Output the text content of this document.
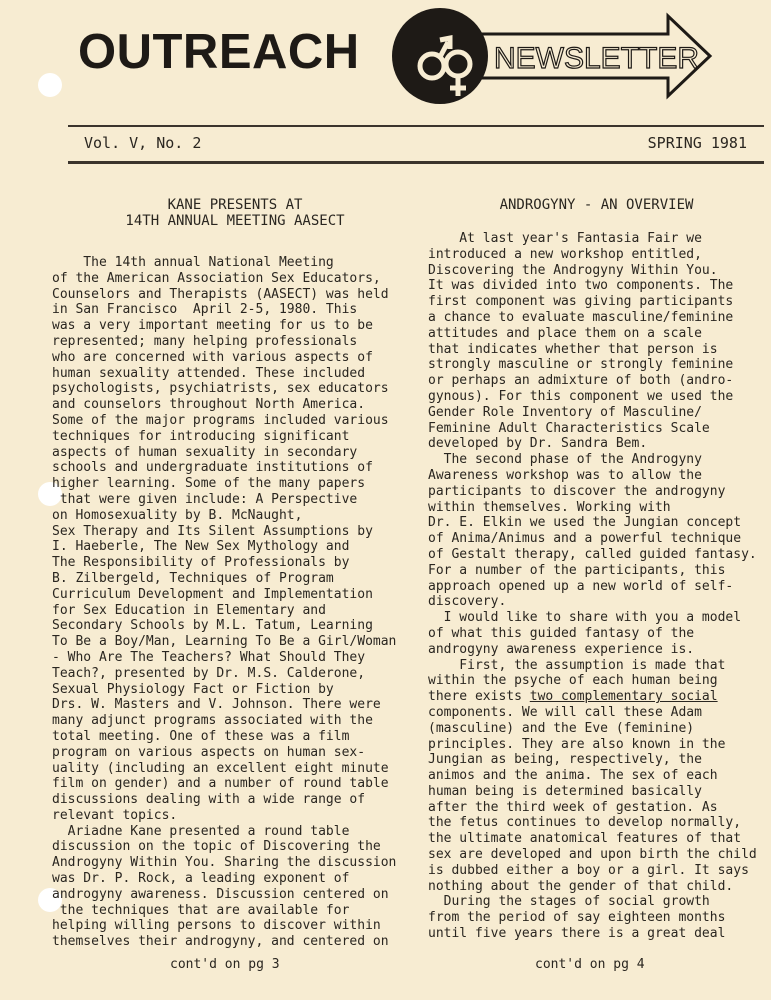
OUTREACH	NEWSLETTER
Vol. V, No. 2	SPRING 1981
KANE PRESENTS AT
14TH ANNUAL MEETING AASECT
The 14th annual National Meeting
of the American Association Sex Educators,
Counselors and Therapists (AASECT) was held
in San Francisco  April 2-5, 1980. This
was a very important meeting for us to be
represented; many helping professionals
who are concerned with various aspects of
human sexuality attended. These included
psychologists, psychiatrists, sex educators
and counselors throughout North America.
Some of the major programs included various
techniques for introducing significant
aspects of human sexuality in secondary
schools and undergraduate institutions of
higher learning. Some of the many papers
that were given include: A Perspective
on Homosexuality by B. McNaught,
Sex Therapy and Its Silent Assumptions by
I. Haeberle, The New Sex Mythology and
The Responsibility of Professionals by
B. Zilbergeld, Techniques of Program
Curriculum Development and Implementation
for Sex Education in Elementary and
Secondary Schools by M.L. Tatum, Learning
To Be a Boy/Man, Learning To Be a Girl/Woman
- Who Are The Teachers? What Should They
Teach?, presented by Dr. M.S. Calderone,
Sexual Physiology Fact or Fiction by
Drs. W. Masters and V. Johnson. There were
many adjunct programs associated with the
total meeting. One of these was a film
program on various aspects on human sex-
uality (including an excellent eight minute
film on gender) and a number of round table
discussions dealing with a wide range of
relevant topics.
Ariadne Kane presented a round table
discussion on the topic of Discovering the
Androgyny Within You. Sharing the discussion
was Dr. P. Rock, a leading exponent of
androgyny awareness. Discussion centered on
the techniques that are available for
helping willing persons to discover within
themselves their androgyny, and centered on
ANDROGYNY - AN OVERVIEW
At last year's Fantasia Fair we
introduced a new workshop entitled,
Discovering the Androgyny Within You.
It was divided into two components. The
first component was giving participants
a chance to evaluate masculine/feminine
attitudes and place them on a scale
that indicates whether that person is
strongly masculine or strongly feminine
or perhaps an admixture of both (andro-
gynous). For this component we used the
Gender Role Inventory of Masculine/
Feminine Adult Characteristics Scale
developed by Dr. Sandra Bem.
The second phase of the Androgyny
Awareness workshop was to allow the
participants to discover the androgyny
within themselves. Working with
Dr. E. Elkin we used the Jungian concept
of Anima/Animus and a powerful technique
of Gestalt therapy, called guided fantasy.
For a number of the participants, this
approach opened up a new world of self-
discovery.
I would like to share with you a model
of what this guided fantasy of the
androgyny awareness experience is.
First, the assumption is made that
within the psyche of each human being
there exists two complementary social
components. We will call these Adam
(masculine) and the Eve (feminine)
principles. They are also known in the
Jungian as being, respectively, the
animos and the anima. The sex of each
human being is determined basically
after the third week of gestation. As
the fetus continues to develop normally,
the ultimate anatomical features of that
sex are developed and upon birth the child
is dubbed either a boy or a girl. It says
nothing about the gender of that child.
During the stages of social growth
from the period of say eighteen months
until five years there is a great deal
cont'd on pg 3	cont'd on pg 4
